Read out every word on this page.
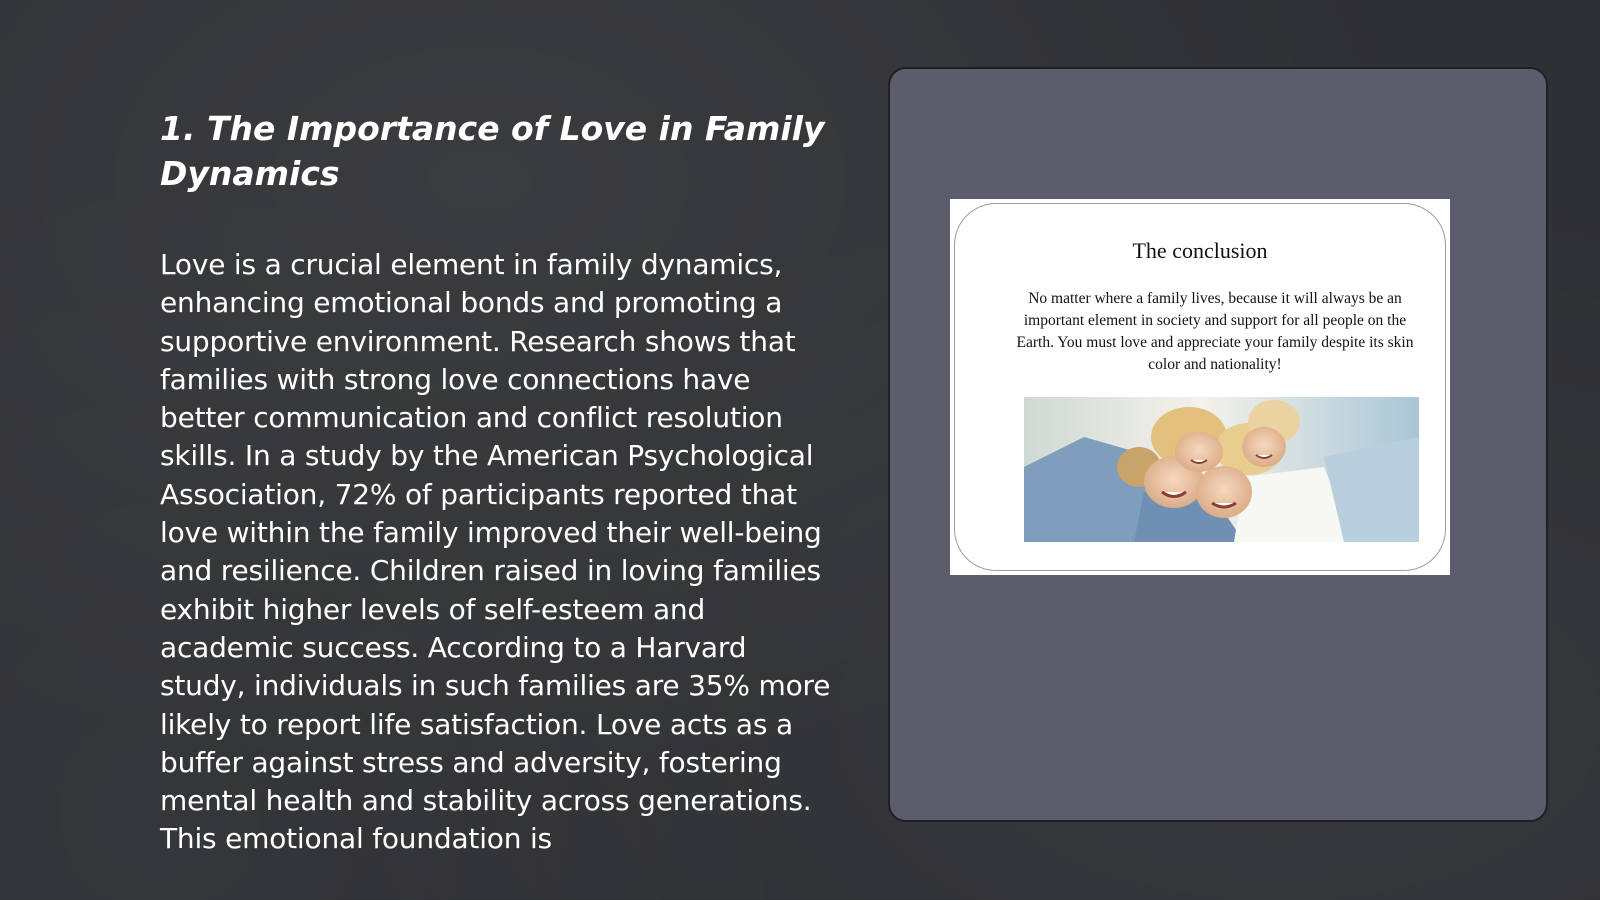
1. The Importance of Love in Family Dynamics

Love is a crucial element in family dynamics, enhancing emotional bonds and promoting a supportive environment. Research shows that families with strong love connections have better communication and conflict resolution skills. In a study by the American Psychological Association, 72% of participants reported that love within the family improved their well-being and resilience. Children raised in loving families exhibit higher levels of self-esteem and academic success. According to a Harvard study, individuals in such families are 35% more likely to report life satisfaction. Love acts as a buffer against stress and adversity, fostering mental health and stability across generations. This emotional foundation is

The conclusion
No matter where a family lives, because it will always be an important element in society and support for all people on the Earth. You must love and appreciate your family despite its skin color and nationality!
